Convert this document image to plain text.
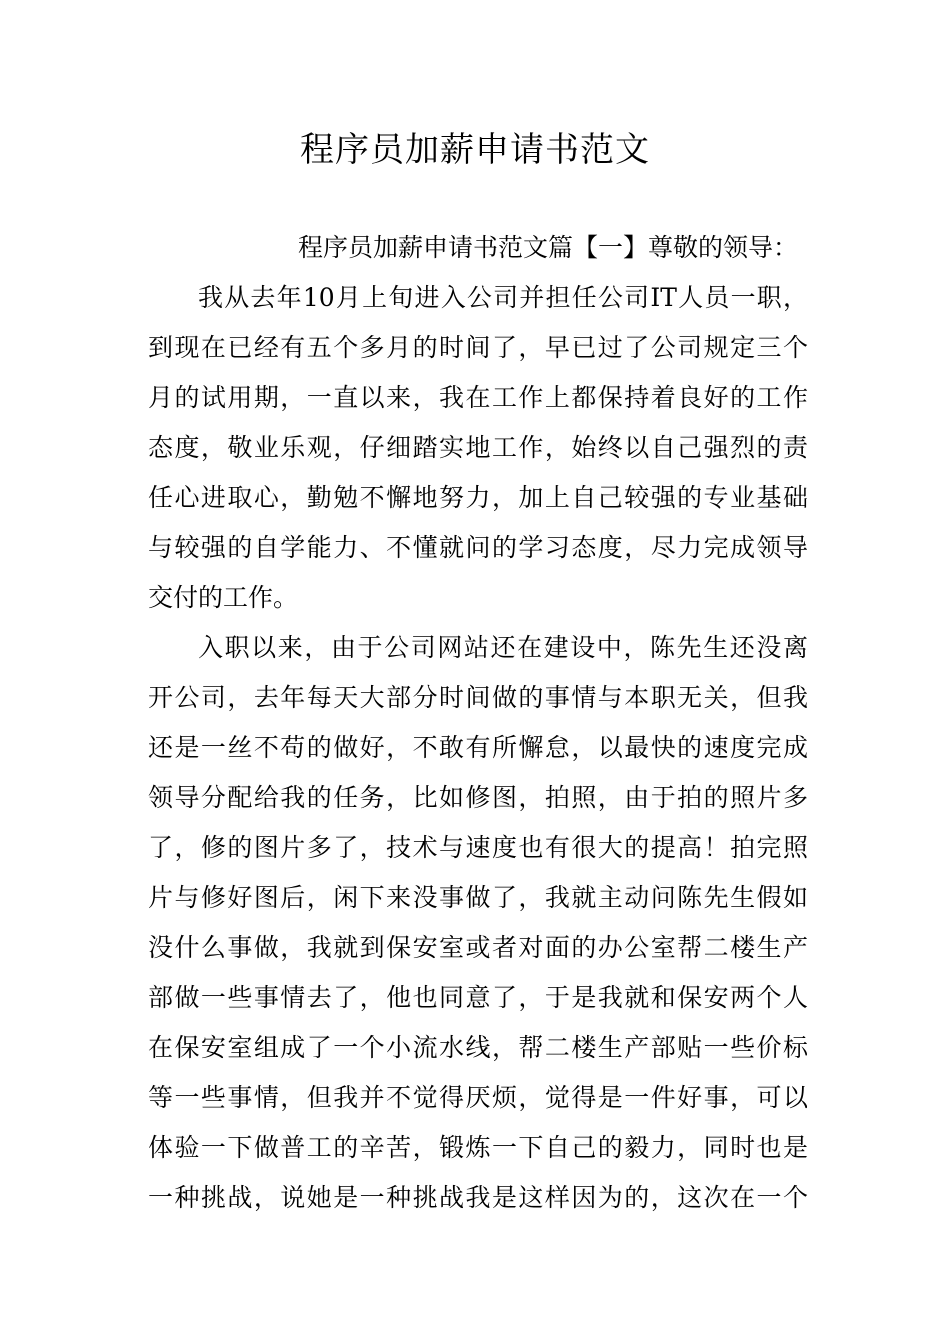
程序员加薪申请书范文

程序员加薪申请书范文篇【一】尊敬的领导：

我从去年10月上旬进入公司并担任公司IT人员一职，

到现在已经有五个多月的时间了，早已过了公司规定三个

月的试用期，一直以来，我在工作上都保持着良好的工作

态度，敬业乐观，仔细踏实地工作，始终以自己强烈的责

任心进取心，勤勉不懈地努力，加上自己较强的专业基础

与较强的自学能力、不懂就问的学习态度，尽力完成领导

交付的工作。

入职以来，由于公司网站还在建设中，陈先生还没离

开公司，去年每天大部分时间做的事情与本职无关，但我

还是一丝不苟的做好，不敢有所懈怠，以最快的速度完成

领导分配给我的任务，比如修图，拍照，由于拍的照片多

了，修的图片多了，技术与速度也有很大的提高！拍完照

片与修好图后，闲下来没事做了，我就主动问陈先生假如

没什么事做，我就到保安室或者对面的办公室帮二楼生产

部做一些事情去了，他也同意了，于是我就和保安两个人

在保安室组成了一个小流水线，帮二楼生产部贴一些价标

等一些事情，但我并不觉得厌烦，觉得是一件好事，可以

体验一下做普工的辛苦，锻炼一下自己的毅力，同时也是

一种挑战，说她是一种挑战我是这样因为的，这次在一个
